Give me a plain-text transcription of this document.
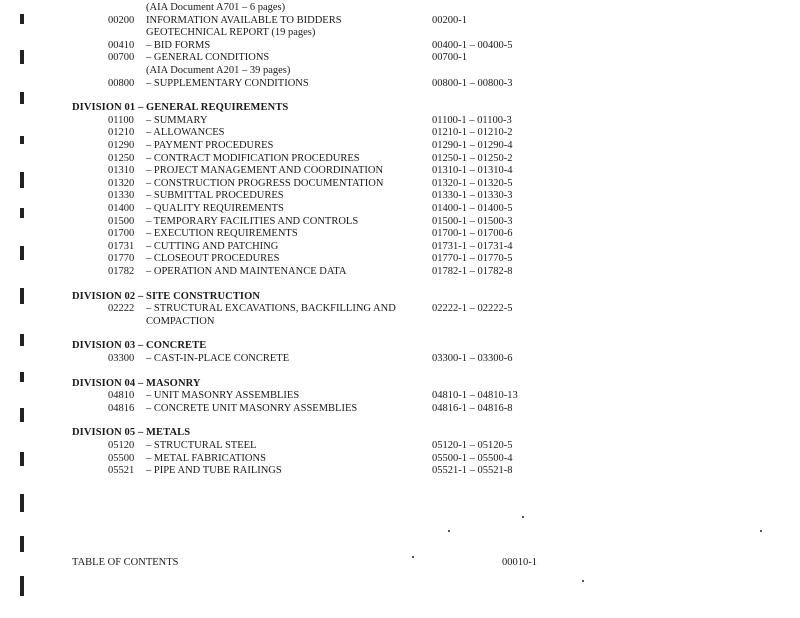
(AIA Document A701 – 6 pages)
00200 INFORMATION AVAILABLE TO BIDDERS	00200-1
GEOTECHNICAL REPORT (19 pages)
00410 – BID FORMS	00400-1 – 00400-5
00700 – GENERAL CONDITIONS	00700-1
(AIA Document A201 – 39 pages)
00800 – SUPPLEMENTARY CONDITIONS	00800-1 – 00800-3
DIVISION 01 – GENERAL REQUIREMENTS
01100 – SUMMARY	01100-1 – 01100-3
01210 – ALLOWANCES	01210-1 – 01210-2
01290 – PAYMENT PROCEDURES	01290-1 – 01290-4
01250 – CONTRACT MODIFICATION PROCEDURES	01250-1 – 01250-2
01310 – PROJECT MANAGEMENT AND COORDINATION	01310-1 – 01310-4
01320 – CONSTRUCTION PROGRESS DOCUMENTATION	01320-1 – 01320-5
01330 – SUBMITTAL PROCEDURES	01330-1 – 01330-3
01400 – QUALITY REQUIREMENTS	01400-1 – 01400-5
01500 – TEMPORARY FACILITIES AND CONTROLS	01500-1 – 01500-3
01700 – EXECUTION REQUIREMENTS	01700-1 – 01700-6
01731 – CUTTING AND PATCHING	01731-1 – 01731-4
01770 – CLOSEOUT PROCEDURES	01770-1 – 01770-5
01782 – OPERATION AND MAINTENANCE DATA	01782-1 – 01782-8
DIVISION 02 – SITE CONSTRUCTION
02222 – STRUCTURAL EXCAVATIONS, BACKFILLING AND	02222-1 – 02222-5
COMPACTION
DIVISION 03 – CONCRETE
03300 – CAST-IN-PLACE CONCRETE	03300-1 – 03300-6
DIVISION 04 – MASONRY
04810 – UNIT MASONRY ASSEMBLIES	04810-1 – 04810-13
04816 – CONCRETE UNIT MASONRY ASSEMBLIES	04816-1 – 04816-8
DIVISION 05 – METALS
05120 – STRUCTURAL STEEL	05120-1 – 05120-5
05500 – METAL FABRICATIONS	05500-1 – 05500-4
05521 – PIPE AND TUBE RAILINGS	05521-1 – 05521-8
TABLE OF CONTENTS	00010-1
